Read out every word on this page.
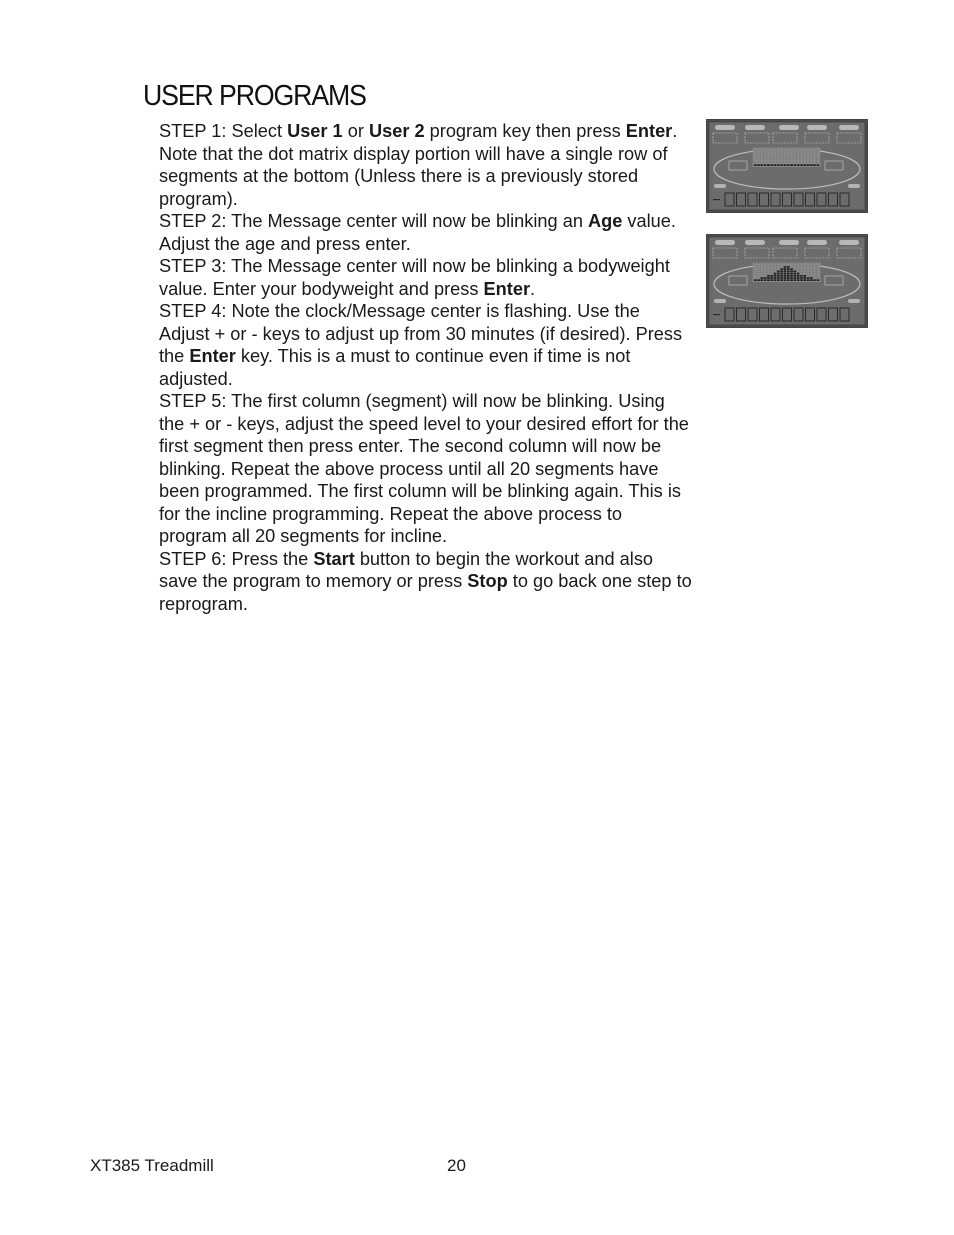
USER PROGRAMS

STEP 1: Select User 1 or User 2 program key then press Enter. Note that the dot matrix display portion will have a single row of segments at the bottom (Unless there is a previously stored program).

STEP 2: The Message center will now be blinking an Age value. Adjust the age and press enter.

STEP 3: The Message center will now be blinking a bodyweight value. Enter your bodyweight and press Enter.

STEP 4: Note the clock/Message center is flashing. Use the Adjust + or - keys to adjust up from 30 minutes (if desired). Press the Enter key. This is a must to continue even if time is not adjusted.

STEP 5: The first column (segment) will now be blinking. Using the + or - keys, adjust the speed level to your desired effort for the first segment then press enter. The second column will now be blinking. Repeat the above process until all 20 segments have been programmed. The first column will be blinking again. This is for the incline programming. Repeat the above process to program all 20 segments for incline.

STEP 6: Press the Start button to begin the workout and also save the program to memory or press Stop to go back one step to reprogram.

XT385 Treadmill	20
